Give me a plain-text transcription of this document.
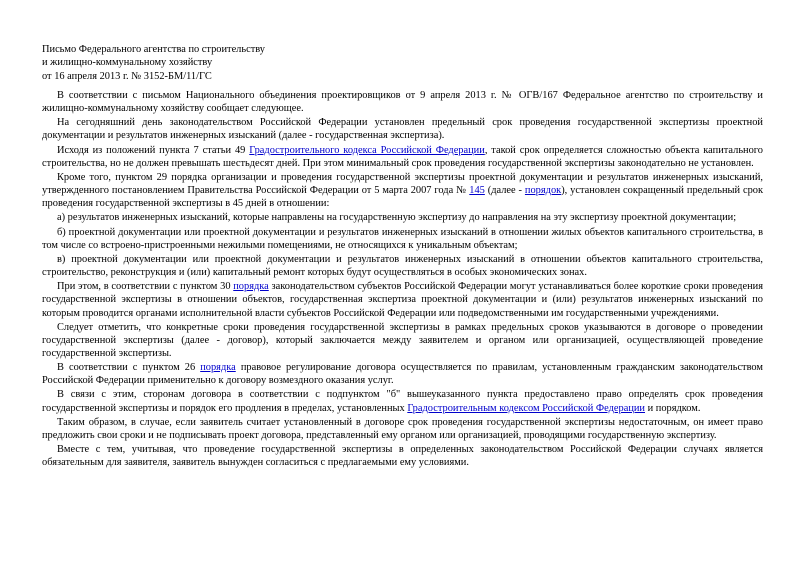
Письмо Федерального агентства по строительству
и жилищно-коммунальному хозяйству
от 16 апреля 2013 г. № 3152-БМ/11/ГС

В соответствии с письмом Национального объединения проектировщиков от 9 апреля 2013 г. № ОГВ/167 Федеральное агентство по строительству и жилищно-коммунальному хозяйству сообщает следующее.

На сегодняшний день законодательством Российской Федерации установлен предельный срок проведения государственной экспертизы проектной документации и результатов инженерных изысканий (далее - государственная экспертиза).

Исходя из положений пункта 7 статьи 49 Градостроительного кодекса Российской Федерации, такой срок определяется сложностью объекта капитального строительства, но не должен превышать шестьдесят дней. При этом минимальный срок проведения государственной экспертизы законодательно не установлен.

Кроме того, пунктом 29 порядка организации и проведения государственной экспертизы проектной документации и результатов инженерных изысканий, утвержденного постановлением Правительства Российской Федерации от 5 марта 2007 года № 145 (далее - порядок), установлен сокращенный предельный срок проведения государственной экспертизы в 45 дней в отношении:

а) результатов инженерных изысканий, которые направлены на государственную экспертизу до направления на эту экспертизу проектной документации;

б) проектной документации или проектной документации и результатов инженерных изысканий в отношении жилых объектов капитального строительства, в том числе со встроено-пристроенными нежилыми помещениями, не относящихся к уникальным объектам;

в) проектной документации или проектной документации и результатов инженерных изысканий в отношении объектов капитального строительства, строительство, реконструкция и (или) капитальный ремонт которых будут осуществляться в особых экономических зонах.

При этом, в соответствии с пунктом 30 порядка законодательством субъектов Российской Федерации могут устанавливаться более короткие сроки проведения государственной экспертизы в отношении объектов, государственная экспертиза проектной документации и (или) результатов инженерных изысканий по которым проводится органами исполнительной власти субъектов Российской Федерации или подведомственными им государственными учреждениями.

Следует отметить, что конкретные сроки проведения государственной экспертизы в рамках предельных сроков указываются в договоре о проведении государственной экспертизы (далее - договор), который заключается между заявителем и органом или организацией, осуществляющей проведение государственной экспертизы.

В соответствии с пунктом 26 порядка правовое регулирование договора осуществляется по правилам, установленным гражданским законодательством Российской Федерации применительно к договору возмездного оказания услуг.

В связи с этим, сторонам договора в соответствии с подпунктом "б" вышеуказанного пункта предоставлено право определять срок проведения государственной экспертизы и порядок его продления в пределах, установленных Градостроительным кодексом Российской Федерации и порядком.

Таким образом, в случае, если заявитель считает установленный в договоре срок проведения государственной экспертизы недостаточным, он имеет право предложить свои сроки и не подписывать проект договора, представленный ему органом или организацией, проводящими государственную экспертизу.

Вместе с тем, учитывая, что проведение государственной экспертизы в определенных законодательством Российской Федерации случаях является обязательным для заявителя, заявитель вынужден согласиться с предлагаемыми ему условиями.
